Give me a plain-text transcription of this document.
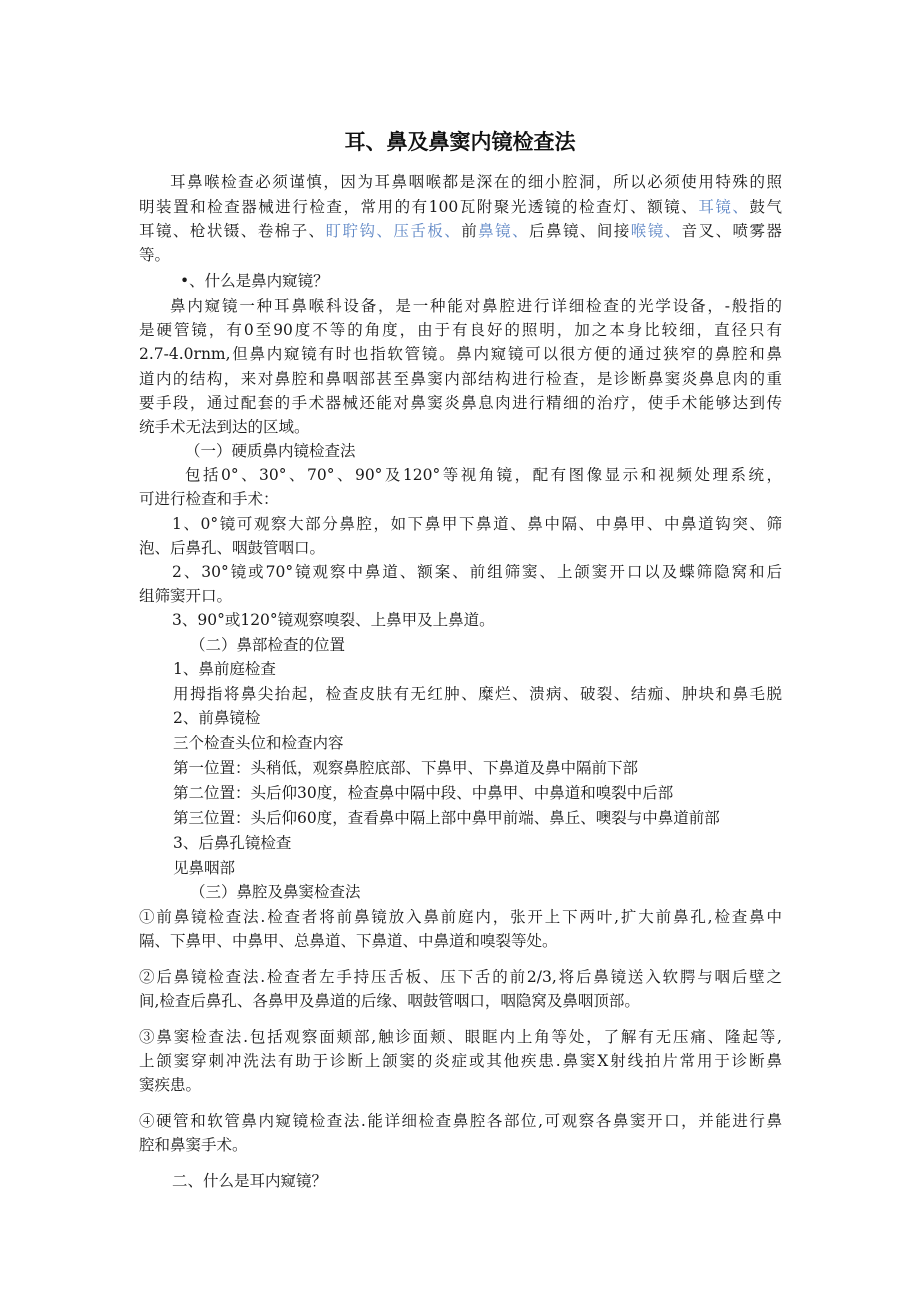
耳、鼻及鼻窦内镜检查法
耳鼻喉检查必须谨慎，因为耳鼻咽喉都是深在的细小腔洞，所以必须使用特殊的照
明装置和检查器械进行检查，常用的有100瓦附聚光透镜的检查灯、额镜、耳镜、鼓气
耳镜、枪状镊、卷棉子、盯聍钩、压舌板、前鼻镜、后鼻镜、间接喉镜、音叉、喷雾器
等。
•、什么是鼻内窥镜？
鼻内窥镜一种耳鼻喉科设备，是一种能对鼻腔进行详细检查的光学设备，-般指的
是硬管镜，有0至90度不等的角度，由于有良好的照明，加之本身比较细，直径只有
2.7-4.0rnm,但鼻内窥镜有时也指软管镜。鼻内窥镜可以很方便的通过狭窄的鼻腔和鼻
道内的结构，来对鼻腔和鼻咽部甚至鼻窦内部结构进行检查，是诊断鼻窦炎鼻息肉的重
要手段，通过配套的手术器械还能对鼻窦炎鼻息肉进行精细的治疗，使手术能够达到传
统手术无法到达的区域。
（一）硬质鼻内镜检查法
包括0°、30°、70°、90°及120°等视角镜，配有图像显示和视频处理系统，
可进行检查和手术：
1、0°镜可观察大部分鼻腔，如下鼻甲下鼻道、鼻中隔、中鼻甲、中鼻道钩突、筛
泡、后鼻孔、咽鼓管咽口。
2、30°镜或70°镜观察中鼻道、额案、前组筛窦、上颌窦开口以及蝶筛隐窝和后
组筛窦开口。
3、90°或120°镜观察嗅裂、上鼻甲及上鼻道。
（二）鼻部检查的位置
1、鼻前庭检查
用拇指将鼻尖抬起，检查皮肤有无红肿、糜烂、溃病、破裂、结痂、肿块和鼻毛脱
2、前鼻镜检
三个检查头位和检查内容
第一位置：头稍低，观察鼻腔底部、下鼻甲、下鼻道及鼻中隔前下部
第二位置：头后仰30度，检查鼻中隔中段、中鼻甲、中鼻道和嗅裂中后部
第三位置：头后仰60度，查看鼻中隔上部中鼻甲前端、鼻丘、噢裂与中鼻道前部
3、后鼻孔镜检查
见鼻咽部
（三）鼻腔及鼻窦检查法
①前鼻镜检查法.检查者将前鼻镜放入鼻前庭内，张开上下两叶,扩大前鼻孔,检查鼻中
隔、下鼻甲、中鼻甲、总鼻道、下鼻道、中鼻道和嗅裂等处。
②后鼻镜检查法.检查者左手持压舌板、压下舌的前2/3,将后鼻镜送入软腭与咽后壁之
间,检查后鼻孔、各鼻甲及鼻道的后缘、咽鼓管咽口，咽隐窝及鼻咽顶部。
③鼻窦检查法.包括观察面颊部,触诊面颊、眼眶内上角等处，了解有无压痛、隆起等,
上颌窦穿刺冲洗法有助于诊断上颌窦的炎症或其他疾患.鼻窦X射线拍片常用于诊断鼻
窦疾患。
④硬管和软管鼻内窥镜检查法.能详细检查鼻腔各部位,可观察各鼻窦开口，并能进行鼻
腔和鼻窦手术。
二、什么是耳内窥镜？
